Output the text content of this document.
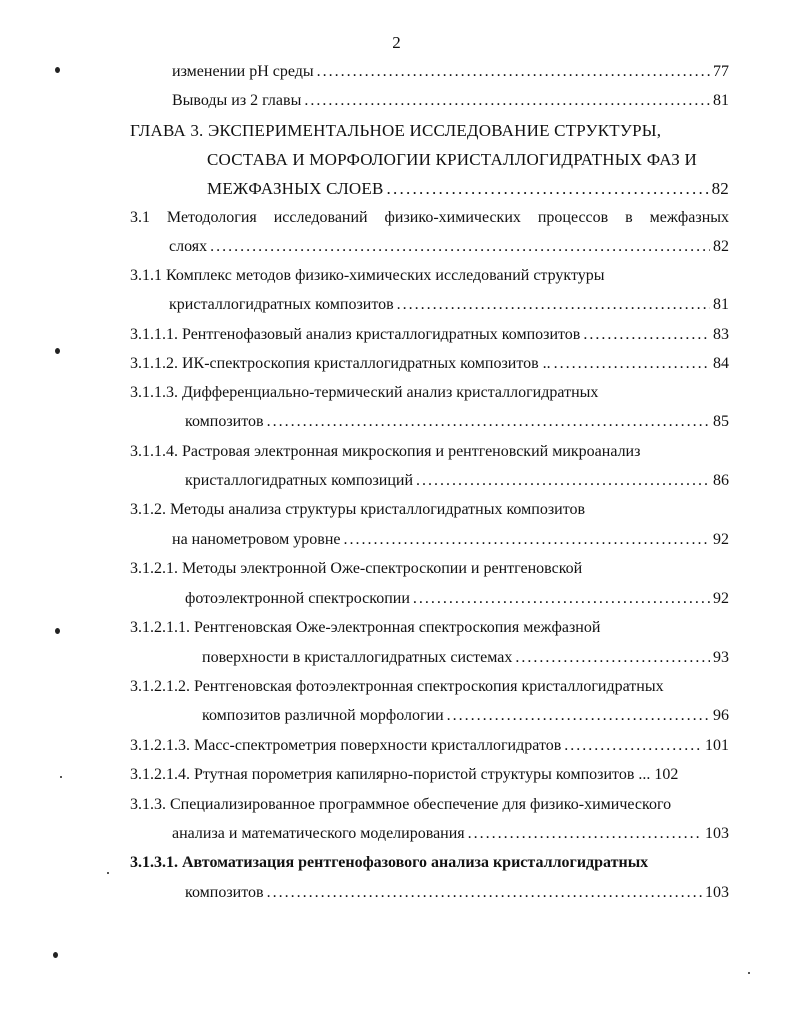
2
изменении рН среды . . .	77
Выводы из 2 главы . . .	81
ГЛАВА 3. ЭКСПЕРИМЕНТАЛЬНОЕ ИССЛЕДОВАНИЕ СТРУКТУРЫ,
СОСТАВА И МОРФОЛОГИИ КРИСТАЛЛОГИДРАТНЫХ ФАЗ И
МЕЖФАЗНЫХ СЛОЕВ . . .	82
3.1 Методология исследований физико-химических процессов в межфазных
слоях . . .	82
3.1.1 Комплекс методов физико-химических исследований структуры
кристаллогидратных композитов . . .	81
3.1.1.1. Рентгенофазовый анализ кристаллогидратных композитов . . .	83
3.1.1.2. ИК-спектроскопия кристаллогидратных композитов .. . . .	84
3.1.1.3. Дифференциально-термический анализ кристаллогидратных
композитов . . .	85
3.1.1.4. Растровая электронная микроскопия и рентгеновский микроанализ
кристаллогидратных композиций . . .	86
3.1.2. Методы анализа структуры кристаллогидратных композитов
на нанометровом уровне . . .	92
3.1.2.1. Методы электронной Оже-спектроскопии и рентгеновской
фотоэлектронной спектроскопии . . .	92
3.1.2.1.1. Рентгеновская Оже-электронная спектроскопия межфазной
поверхности в кристаллогидратных системах . . .	93
3.1.2.1.2. Рентгеновская фотоэлектронная спектроскопия кристаллогидратных
композитов различной морфологии . . .	96
3.1.2.1.3. Масс-спектрометрия поверхности кристаллогидратов . . .	101
3.1.2.1.4. Ртутная порометрия капилярно-пористой структуры композитов ... 102
3.1.3. Специализированное программное обеспечение для физико-химического
анализа и математического моделирования . . .	103
3.1.3.1. Автоматизация рентгенофазового анализа кристаллогидратных
композитов . . .	103
